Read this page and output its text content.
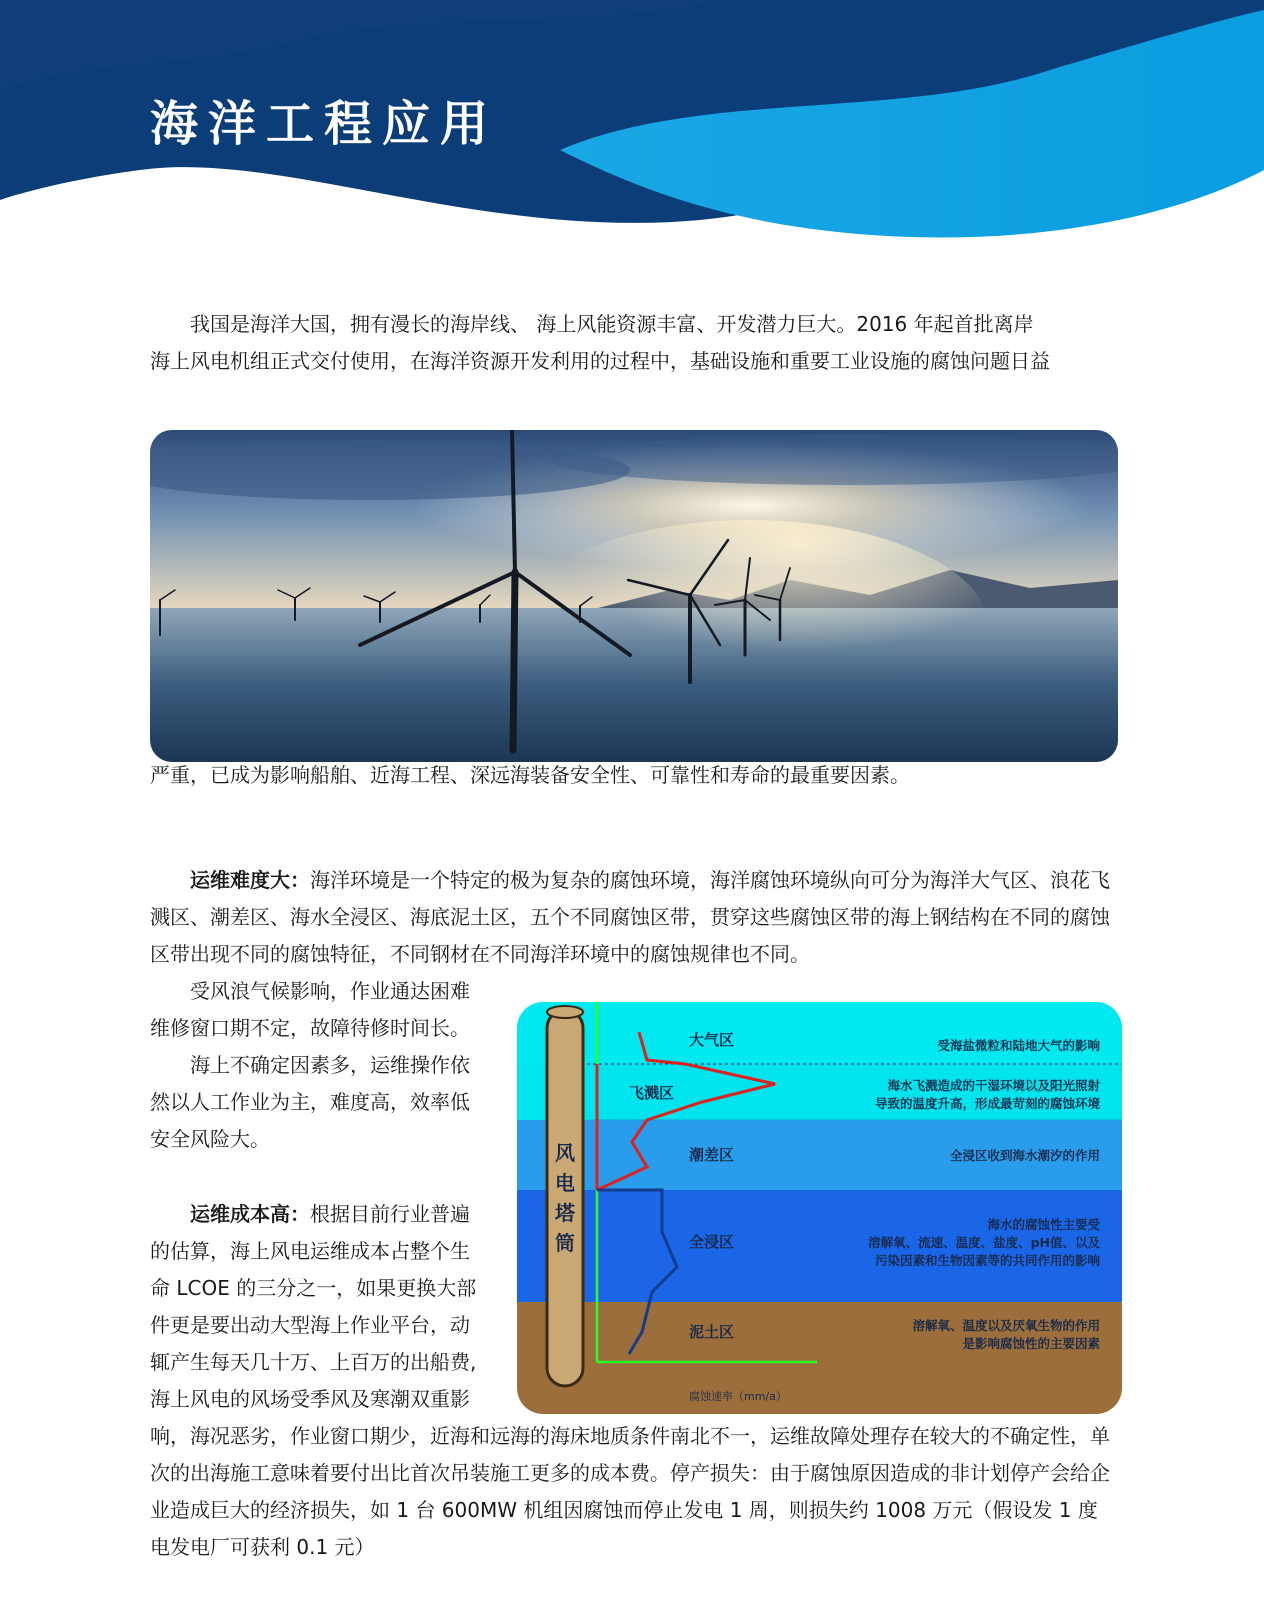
海洋工程应用
我国是海洋大国，拥有漫长的海岸线、 海上风能资源丰富、开发潜力巨大。2016 年起首批离岸
海上风电机组正式交付使用，在海洋资源开发利用的过程中，基础设施和重要工业设施的腐蚀问题日益
严重，已成为影响船舶、近海工程、深远海装备安全性、可靠性和寿命的最重要因素。
运维难度大：海洋环境是一个特定的极为复杂的腐蚀环境，海洋腐蚀环境纵向可分为海洋大气区、浪花飞溅区、潮差区、海水全浸区、海底泥土区，五个不同腐蚀区带，贯穿这些腐蚀区带的海上钢结构在不同的腐蚀区带出现不同的腐蚀特征，不同钢材在不同海洋环境中的腐蚀规律也不同。
受风浪气候影响，作业通达困难
维修窗口期不定，故障待修时间长。
海上不确定因素多，运维操作依
然以人工作业为主，难度高，效率低
安全风险大。
运维成本高：根据目前行业普遍
的估算，海上风电运维成本占整个生
命 LCOE 的三分之一，如果更换大部
件更是要出动大型海上作业平台，动
辄产生每天几十万、上百万的出船费,
海上风电的风场受季风及寒潮双重影
响，海况恶劣，作业窗口期少，近海和远海的海床地质条件南北不一，运维故障处理存在较大的不确定性，单次的出海施工意味着要付出比首次吊装施工更多的成本费。停产损失：由于腐蚀原因造成的非计划停产会给企业造成巨大的经济损失，如 1 台 600MW 机组因腐蚀而停止发电 1 周，则损失约 1008 万元（假设发 1 度电发电厂可获利 0.1 元）
风
电
塔
筒
大气区
飞溅区
潮差区
全浸区
泥土区
受海盐微粒和陆地大气的影响
海水飞溅造成的干湿环境以及阳光照射
导致的温度升高，形成最苛刻的腐蚀环境
全浸区收到海水潮汐的作用
海水的腐蚀性主要受
溶解氧、流速、温度、盐度、pH值、以及
污染因素和生物因素等的共同作用的影响
溶解氧、温度以及厌氧生物的作用
是影响腐蚀性的主要因素
腐蚀速率（mm/a）
